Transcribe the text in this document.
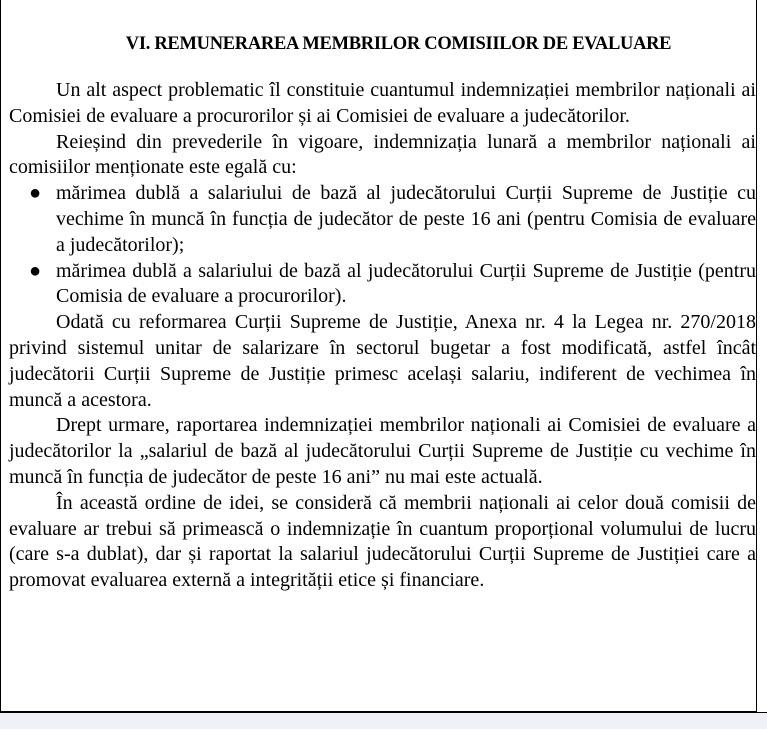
VI. REMUNERAREA MEMBRILOR COMISIILOR DE EVALUARE

Un alt aspect problematic îl constituie cuantumul indemnizației membrilor naționali ai Comisiei de evaluare a procurorilor și ai Comisiei de evaluare a judecătorilor.

Reieșind din prevederile în vigoare, indemnizația lunară a membrilor naționali ai comisiilor menționate este egală cu:

● mărimea dublă a salariului de bază al judecătorului Curții Supreme de Justiție cu vechime în muncă în funcția de judecător de peste 16 ani (pentru Comisia de evaluare a judecătorilor);
● mărimea dublă a salariului de bază al judecătorului Curții Supreme de Justiție (pentru Comisia de evaluare a procurorilor).

Odată cu reformarea Curții Supreme de Justiție, Anexa nr. 4 la Legea nr. 270/2018 privind sistemul unitar de salarizare în sectorul bugetar a fost modificată, astfel încât judecătorii Curții Supreme de Justiție primesc același salariu, indiferent de vechimea în muncă a acestora.

Drept urmare, raportarea indemnizației membrilor naționali ai Comisiei de evaluare a judecătorilor la „salariul de bază al judecătorului Curții Supreme de Justiție cu vechime în muncă în funcția de judecător de peste 16 ani” nu mai este actuală.

În această ordine de idei, se consideră că membrii naționali ai celor două comisii de evaluare ar trebui să primească o indemnizație în cuantum proporțional volumului de lucru (care s-a dublat), dar și raportat la salariul judecătorului Curții Supreme de Justiției care a promovat evaluarea externă a integrității etice și financiare.
